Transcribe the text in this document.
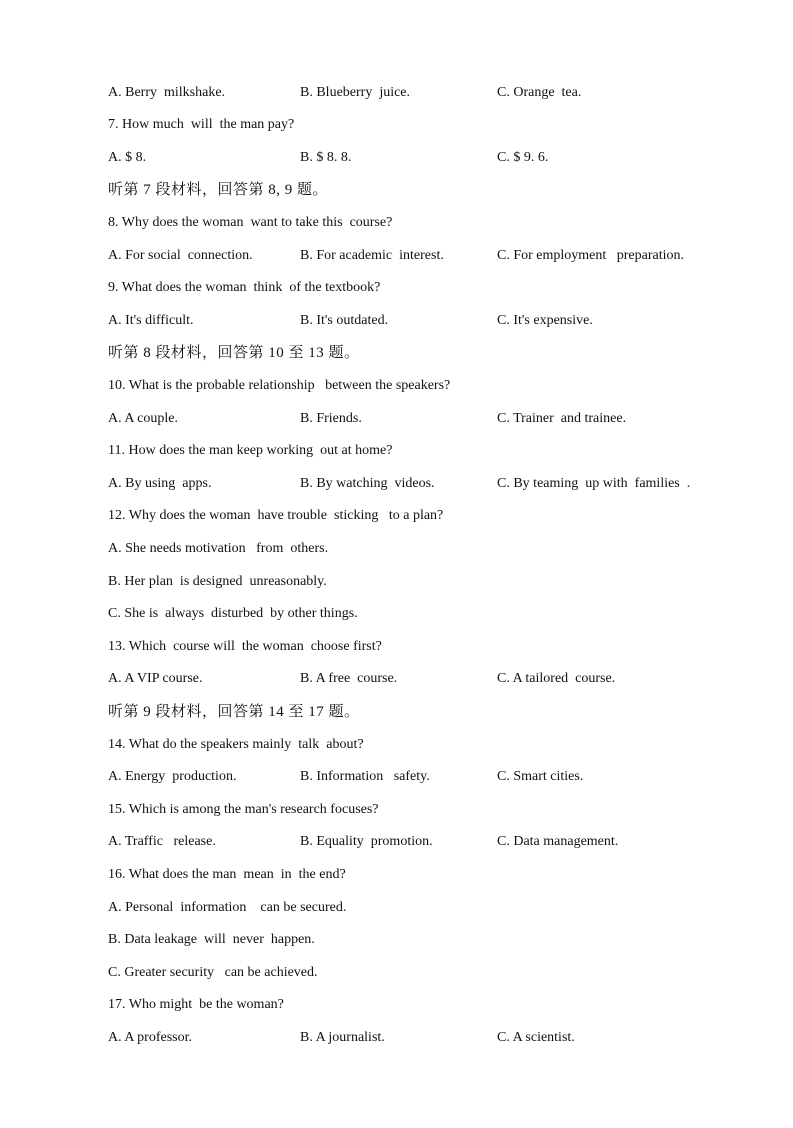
A. Berry  milkshake.

	B. Blueberry  juice.

	C. Orange  tea.

7. How much  will  the man pay?

A. $ 8.

	B. $ 8. 8.

	C. $ 9. 6.

听第 7 段材料，回答第 8, 9 题。
8. Why does the woman  want to take this  course?

A. For social  connection.

	B. For academic  interest.

	C. For employment   preparation.

9. What does the woman  think  of the textbook?

A. It's difficult.

	B. It's outdated.

	C. It's expensive.

听第 8 段材料，回答第 10 至 13 题。
10. What is the probable relationship   between the speakers?

A. A couple.

	B. Friends.

	C. Trainer  and trainee.

11. How does the man keep working  out at home?

A. By using  apps.

	B. By watching  videos.

	C. By teaming  up with  families  .

12. Why does the woman  have trouble  sticking   to a plan?
A. She needs motivation   from  others.
B. Her plan  is designed  unreasonably.
C. She is  always  disturbed  by other things.
13. Which  course will  the woman  choose first?

A. A VIP course.

	B. A free  course.

	C. A tailored  course.

听第 9 段材料，回答第 14 至 17 题。
14. What do the speakers mainly  talk  about?

A. Energy  production.

	B. Information   safety.

	C. Smart cities.

15. Which is among the man's research focuses?

A. Traffic   release.

	B. Equality  promotion.

	C. Data management.

16. What does the man  mean  in  the end?
A. Personal  information    can be secured.
B. Data leakage  will  never  happen.
C. Greater security   can be achieved.
17. Who might  be the woman?

A. A professor.

	B. A journalist.

	C. A scientist.
